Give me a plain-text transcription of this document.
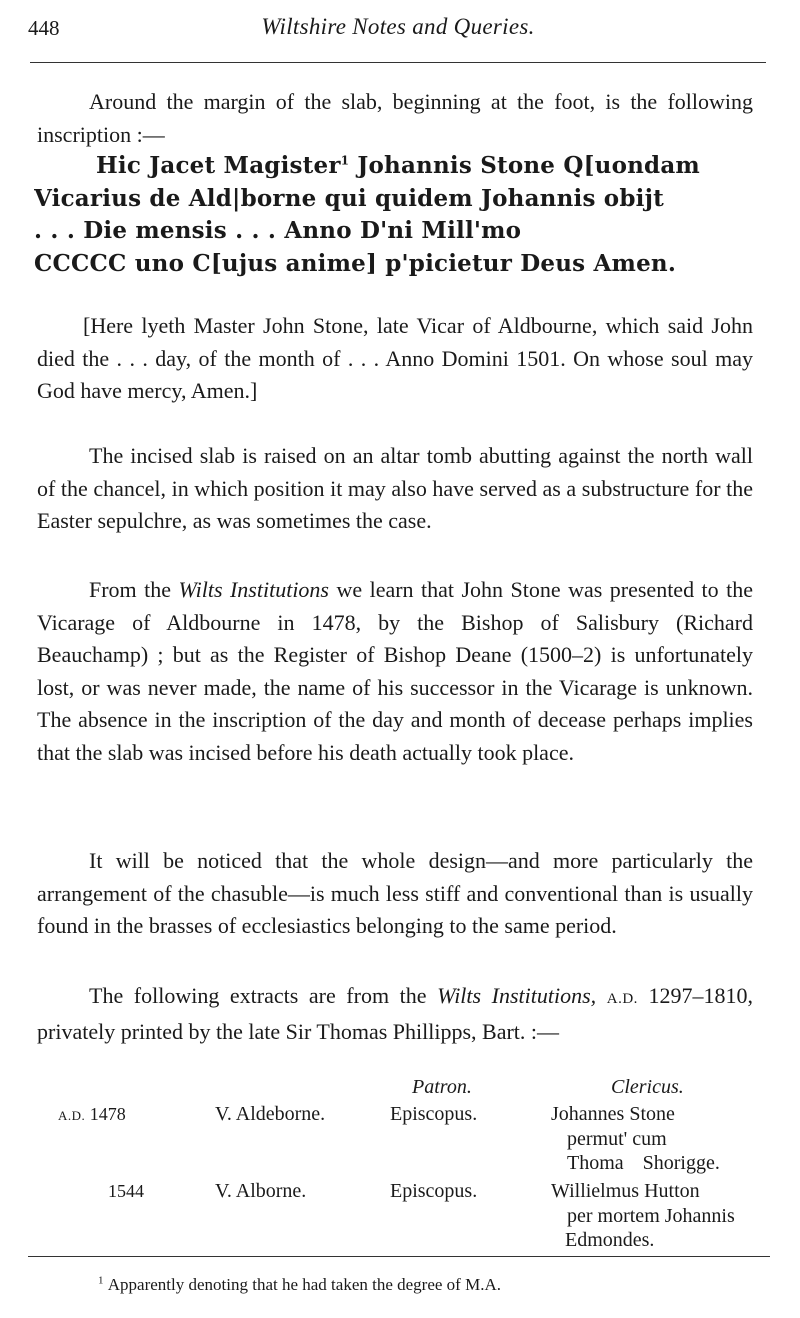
448	Wiltshire Notes and Queries.

Around the margin of the slab, beginning at the foot, is the following inscription :—

Hic Jacet Magister$^1$ Johannis Stone Q[uondam
Vicarius de Ald|borne qui quidem Johannis obijt
. . . Die mensis . . . Anno D'ni Mill'mo
CCCCC uno C[ujus anime] p'picietur Deus Amen.

[Here lyeth Master John Stone, late Vicar of Aldbourne, which said John died the . . . day, of the month of . . . Anno Domini 1501. On whose soul may God have mercy, Amen.]

The incised slab is raised on an altar tomb abutting against the north wall of the chancel, in which position it may also have served as a substructure for the Easter sepulchre, as was sometimes the case.

From the Wilts Institutions we learn that John Stone was presented to the Vicarage of Aldbourne in 1478, by the Bishop of Salisbury (Richard Beauchamp) ; but as the Register of Bishop Deane (1500–2) is unfortunately lost, or was never made, the name of his successor in the Vicarage is unknown. The absence in the inscription of the day and month of decease perhaps implies that the slab was incised before his death actually took place.

It will be noticed that the whole design—and more particularly the arrangement of the chasuble—is much less stiff and conventional than is usually found in the brasses of ecclesiastics belonging to the same period.

The following extracts are from the Wilts Institutions, A.D. 1297–1810, privately printed by the late Sir Thomas Phillipps, Bart. :—

Patron.	Clericus.
A.D. 1478	V. Aldeborne.	Episcopus.	Johannes Stone
permut' cum
Thoma Shorigge.
1544	V. Alborne.	Episcopus.	Willielmus Hutton
per mortem Johannis
Edmondes.
$^1$ Apparently denoting that he had taken the degree of M.A.
